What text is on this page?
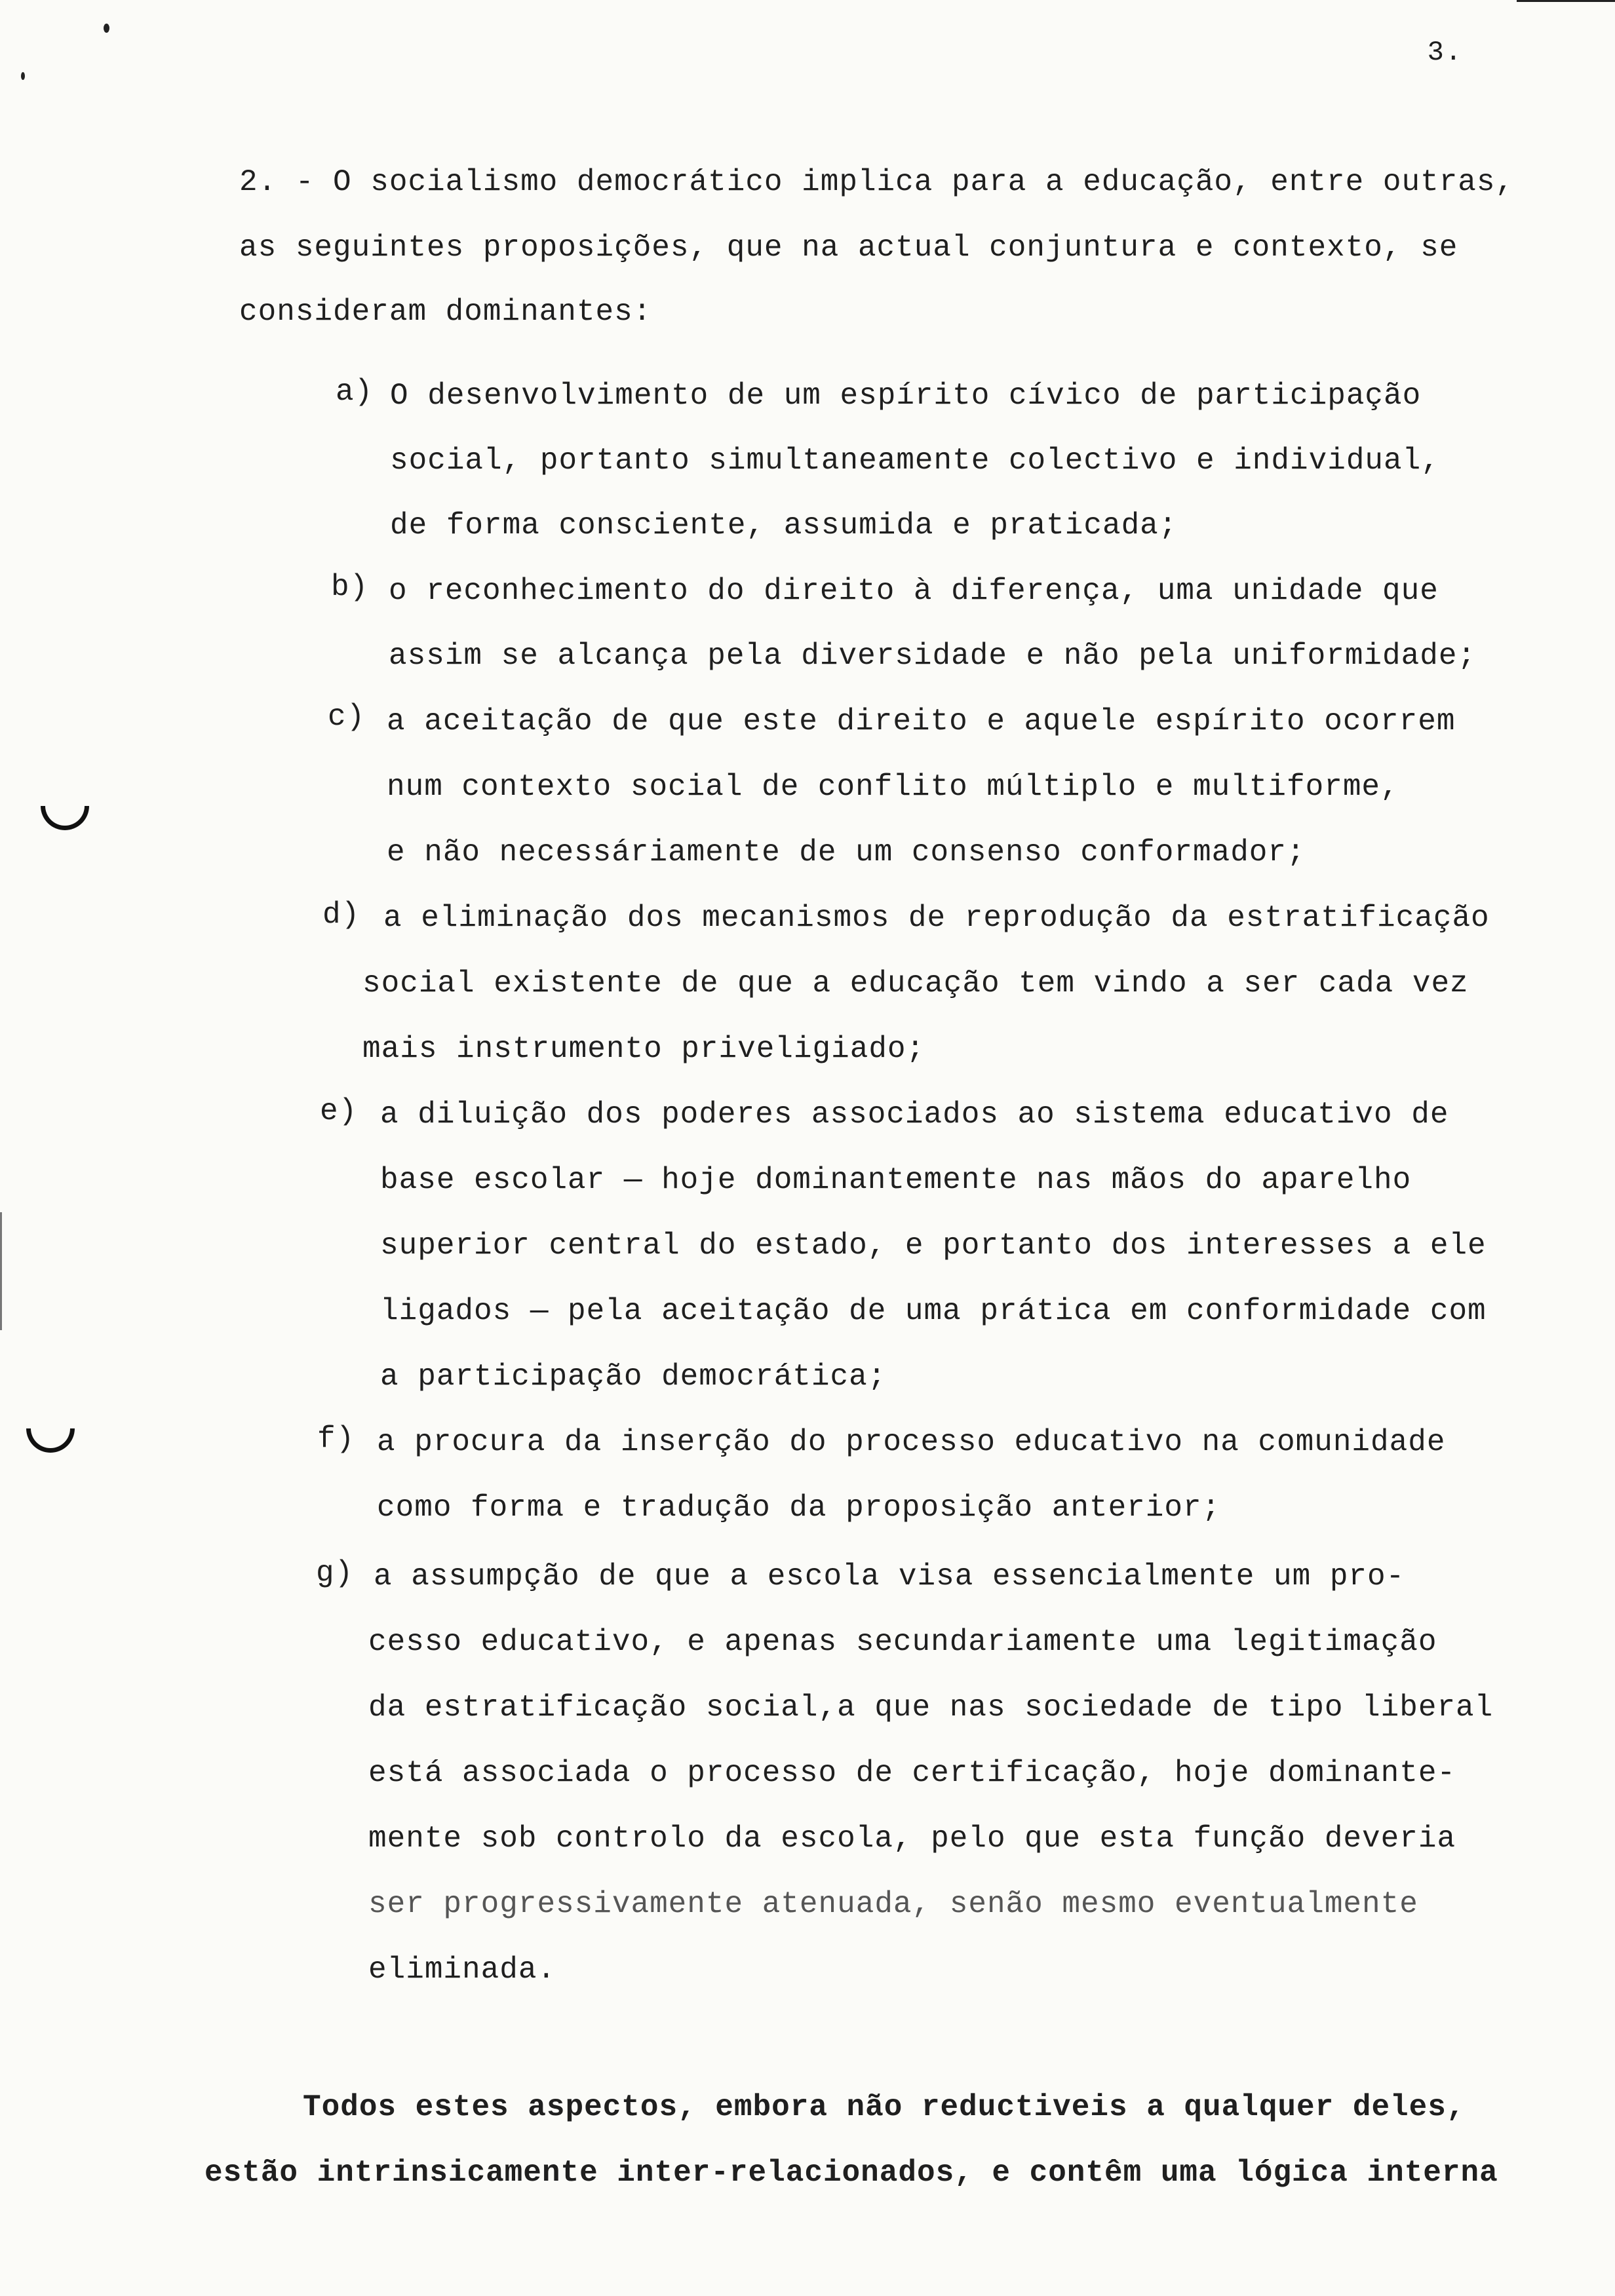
3.
2. - O socialismo democrático implica para a educação, entre outras,
as seguintes proposições, que na actual conjuntura e contexto, se
consideram dominantes:
a) O desenvolvimento de um espírito cívico de participação
social, portanto simultaneamente colectivo e individual,
de forma consciente, assumida e praticada;
b) o reconhecimento do direito à diferença, uma unidade que
assim se alcança pela diversidade e não pela uniformidade;
c) a aceitação de que este direito e aquele espírito ocorrem
num contexto social de conflito múltiplo e multiforme,
e não necessáriamente de um consenso conformador;
d) a eliminação dos mecanismos de reprodução da estratificação
social existente de que a educação tem vindo a ser cada vez
mais instrumento priveligiado;
e) a diluição dos poderes associados ao sistema educativo de
base escolar — hoje dominantemente nas mãos do aparelho
superior central do estado, e portanto dos interesses a ele
ligados — pela aceitação de uma prática em conformidade com
a participação democrática;
f) a procura da inserção do processo educativo na comunidade
como forma e tradução da proposição anterior;
g) a assumpção de que a escola visa essencialmente um pro-
cesso educativo, e apenas secundariamente uma legitimação
da estratificação social,a que nas sociedade de tipo liberal
está associada o processo de certificação, hoje dominante-
mente sob controlo da escola, pelo que esta função deveria
ser progressivamente atenuada, senão mesmo eventualmente
eliminada.
Todos estes aspectos, embora não reductiveis a qualquer deles,
estão intrinsicamente inter-relacionados, e contêm uma lógica interna
